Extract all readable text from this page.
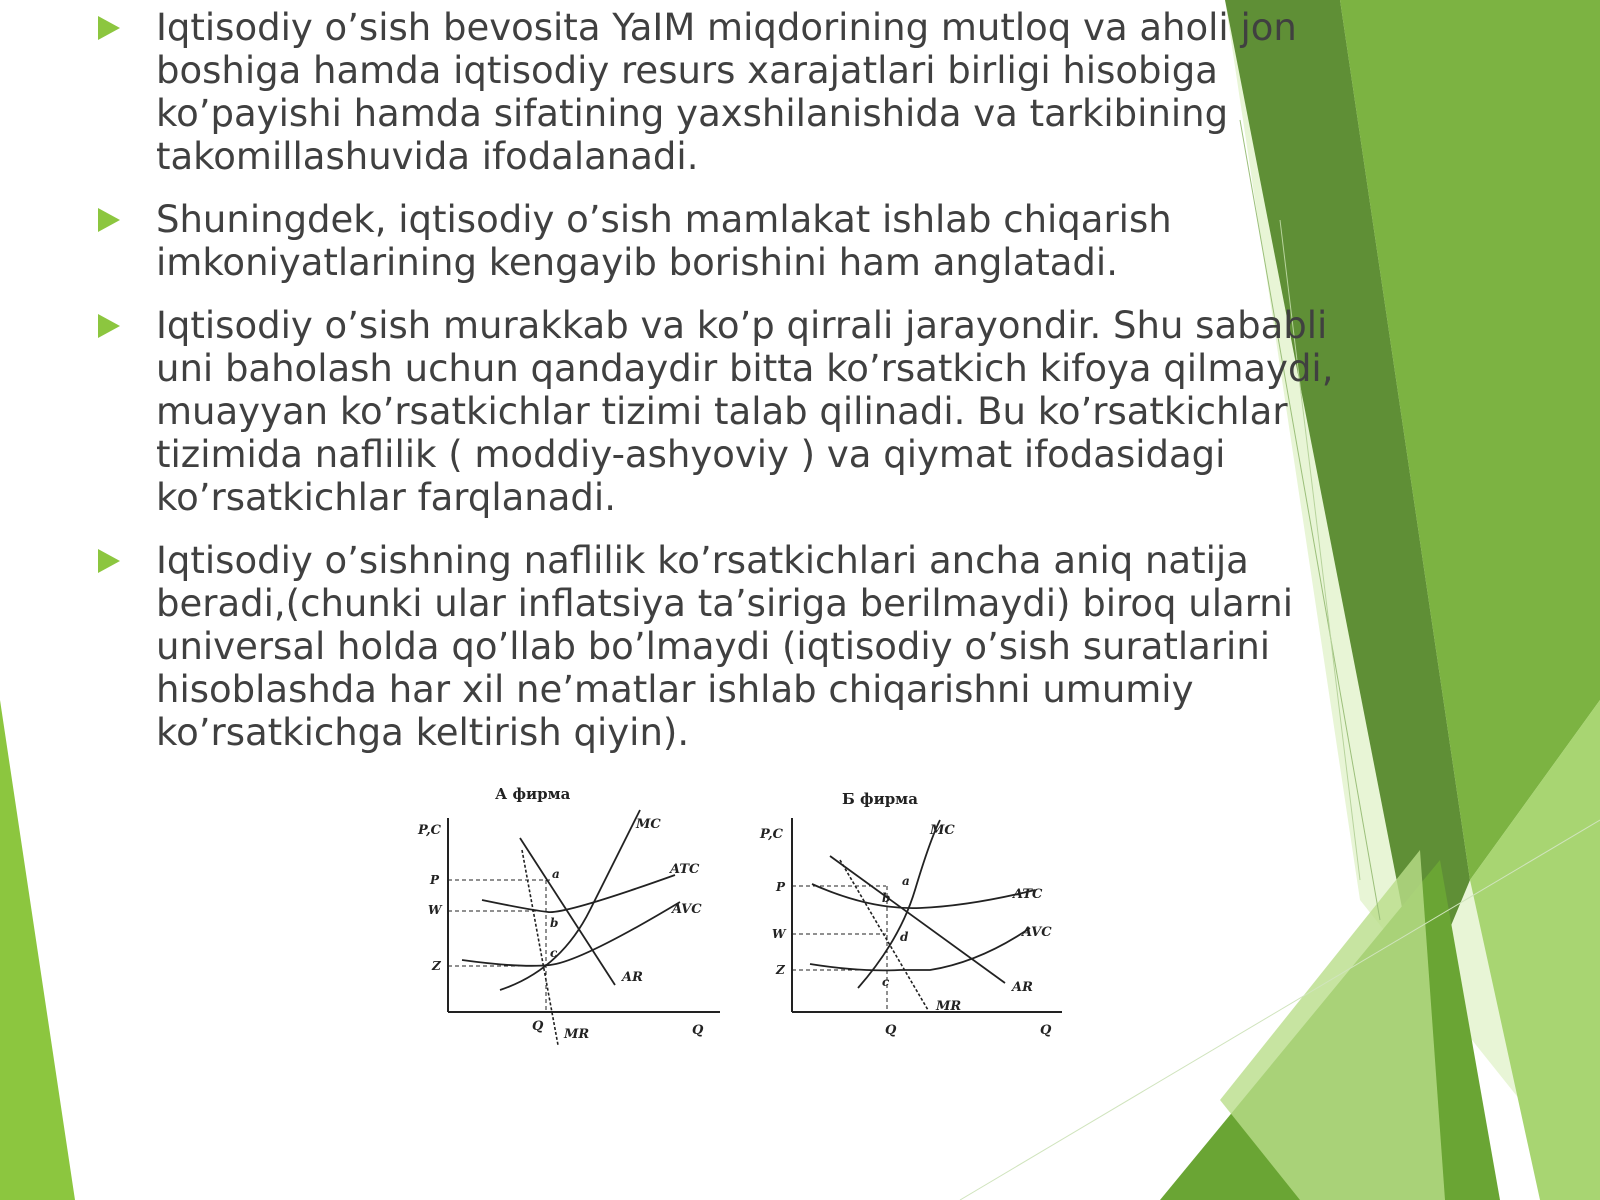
Iqtisodiy o’sish bevosita YaIM miqdorining mutloq va aholi jon boshiga hamda iqtisodiy resurs xarajatlari birligi hisobiga ko’payishi hamda sifatining yaxshilanishida va tarkibining takomillashuvida ifodalanadi.
Shuningdek, iqtisodiy o’sish mamlakat ishlab chiqarish imkoniyatlarining kengayib borishini ham anglatadi.
Iqtisodiy o’sish murakkab va ko’p qirrali jarayondir. Shu sababli uni baholash uchun qandaydir bitta ko’rsatkich kifoya qilmaydi, muayyan ko’rsatkichlar tizimi talab qilinadi. Bu ko’rsatkichlar tizimida naflilik ( moddiy-ashyoviy ) va qiymat ifodasidagi ko’rsatkichlar farqlanadi.
Iqtisodiy o’sishning naflilik ko’rsatkichlari ancha aniq natija beradi,(chunki ular inflatsiya ta’siriga berilmaydi) biroq ularni universal holda qo’llab bo’lmaydi (iqtisodiy o’sish suratlarini hisoblashda har xil ne’matlar ishlab chiqarishni umumiy ko’rsatkichga keltirish qiyin).
А фирма
P,C
Q
Q
P
W
Z
MC
ATC
AVC
AR
MR
a
b
c
Б фирма
P,C
Q
Q
P
W
Z
MC
ATC
AVC
AR
MR
a
b
d
c
